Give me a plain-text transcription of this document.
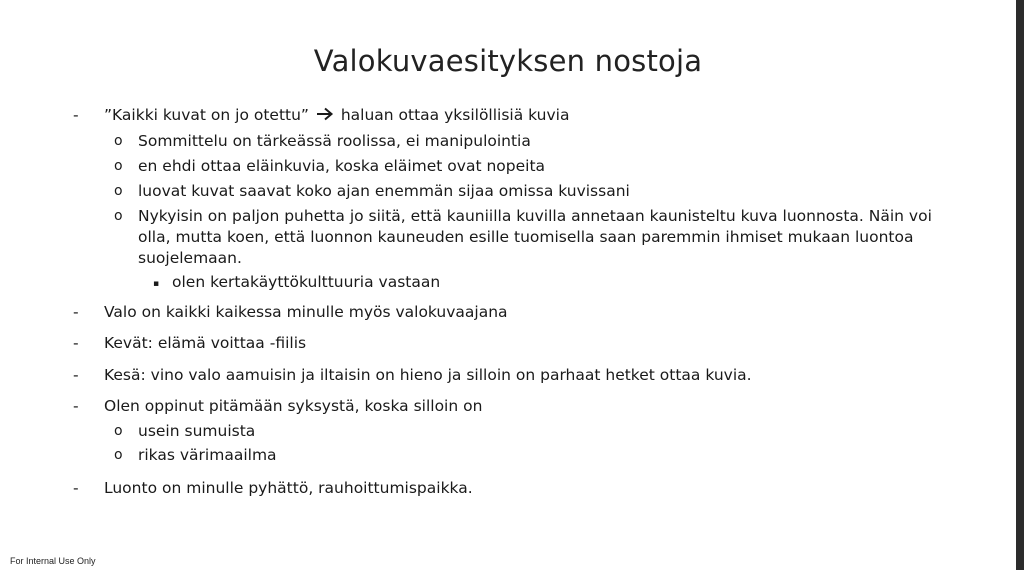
Valokuvaesityksen nostoja
- ”Kaikki kuvat on jo otettu” haluan ottaa yksilöllisiä kuvia
o Sommittelu on tärkeässä roolissa, ei manipulointia
o en ehdi ottaa eläinkuvia, koska eläimet ovat nopeita
o luovat kuvat saavat koko ajan enemmän sijaa omissa kuvissani
o Nykyisin on paljon puhetta jo siitä, että kauniilla kuvilla annetaan kaunisteltu kuva luonnosta. Näin voi
olla, mutta koen, että luonnon kauneuden esille tuomisella saan paremmin ihmiset mukaan luontoa
suojelemaan.
▪ olen kertakäyttökulttuuria vastaan
- Valo on kaikki kaikessa minulle myös valokuvaajana
- Kevät: elämä voittaa -fiilis
- Kesä: vino valo aamuisin ja iltaisin on hieno ja silloin on parhaat hetket ottaa kuvia.
- Olen oppinut pitämään syksystä, koska silloin on
o usein sumuista
o rikas värimaailma
- Luonto on minulle pyhättö, rauhoittumispaikka.
For Internal Use Only
